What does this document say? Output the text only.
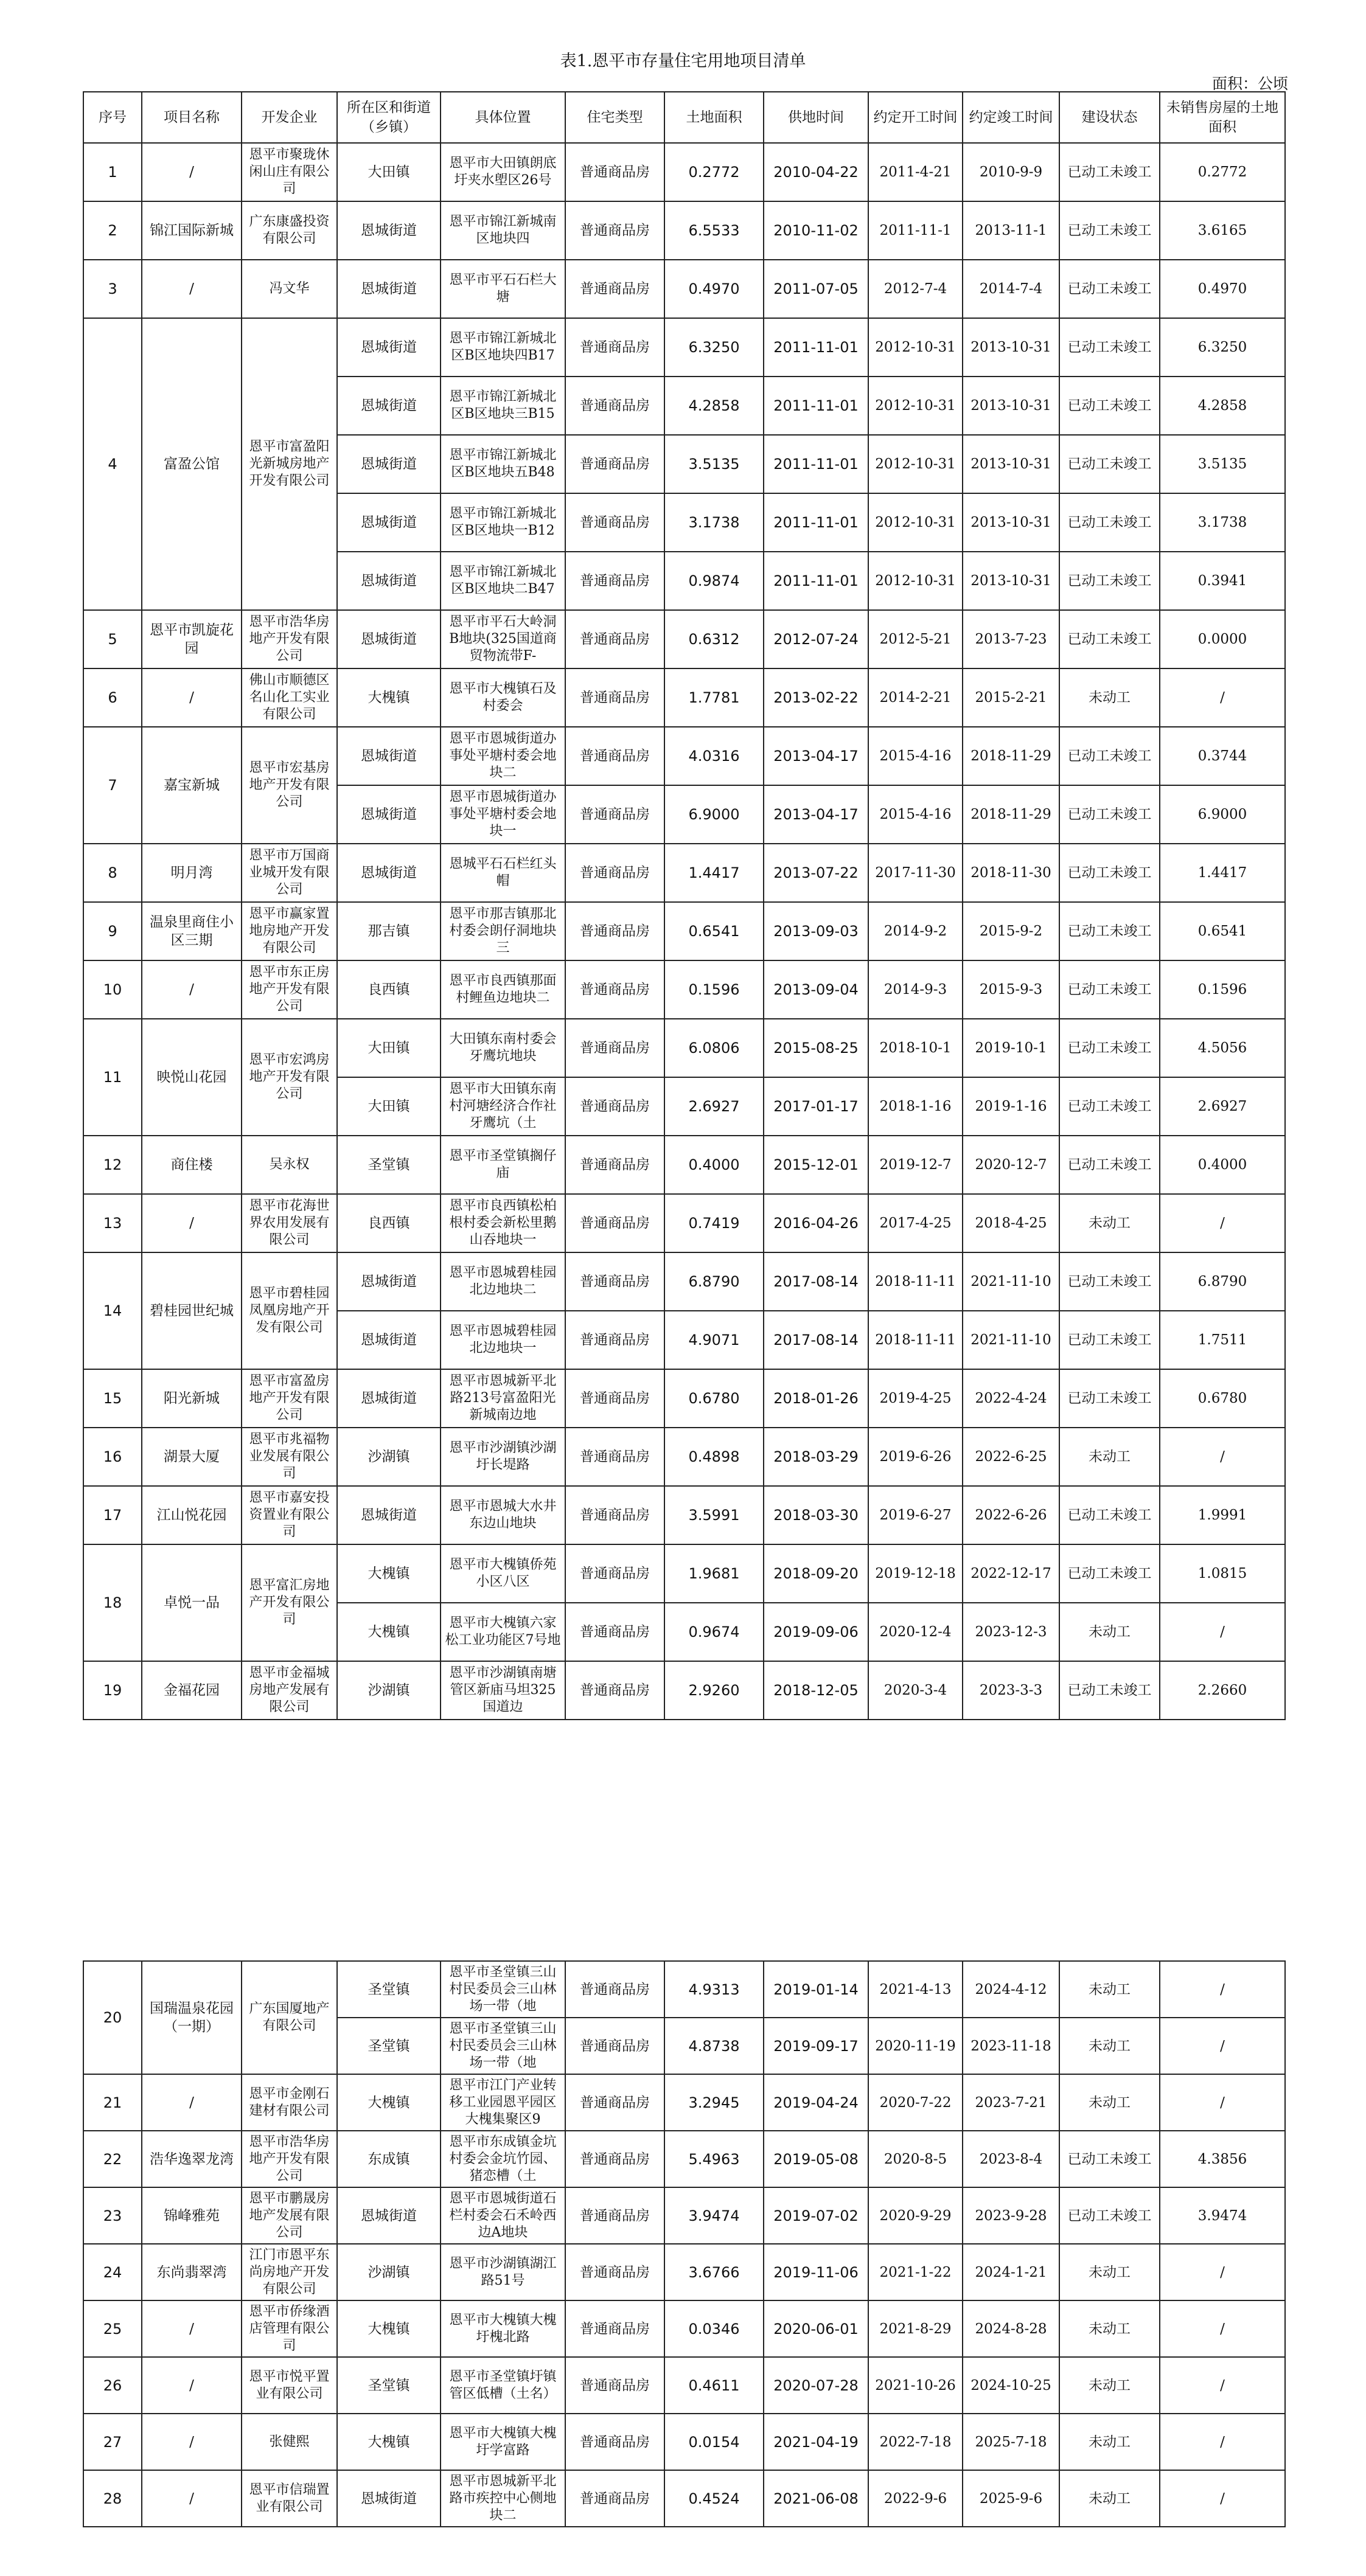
表1.恩平市存量住宅用地项目清单
面积：公顷
序号	项目名称	开发企业	所在区和街道（乡镇）	具体位置	住宅类型	土地面积	供地时间	约定开工时间	约定竣工时间	建设状态	未销售房屋的土地面积
1	/	恩平市聚珑休闲山庄有限公司	大田镇	恩平市大田镇朗底圩夹水塱区26号	普通商品房	0.2772	2010-04-22	2011-4-21	2010-9-9	已动工未竣工	0.2772
2	锦江国际新城	广东康盛投资有限公司	恩城街道	恩平市锦江新城南区地块四	普通商品房	6.5533	2010-11-02	2011-11-1	2013-11-1	已动工未竣工	3.6165
3	/	冯文华	恩城街道	恩平市平石石栏大塘	普通商品房	0.4970	2011-07-05	2012-7-4	2014-7-4	已动工未竣工	0.4970
4	富盈公馆	恩平市富盈阳光新城房地产开发有限公司	恩城街道	恩平市锦江新城北区B区地块四B17	普通商品房	6.3250	2011-11-01	2012-10-31	2013-10-31	已动工未竣工	6.3250
			恩城街道	恩平市锦江新城北区B区地块三B15	普通商品房	4.2858	2011-11-01	2012-10-31	2013-10-31	已动工未竣工	4.2858
			恩城街道	恩平市锦江新城北区B区地块五B48	普通商品房	3.5135	2011-11-01	2012-10-31	2013-10-31	已动工未竣工	3.5135
			恩城街道	恩平市锦江新城北区B区地块一B12	普通商品房	3.1738	2011-11-01	2012-10-31	2013-10-31	已动工未竣工	3.1738
			恩城街道	恩平市锦江新城北区B区地块二B47	普通商品房	0.9874	2011-11-01	2012-10-31	2013-10-31	已动工未竣工	0.3941
5	恩平市凯旋花园	恩平市浩华房地产开发有限公司	恩城街道	恩平市平石大岭洞B地块(325国道商贸物流带F-	普通商品房	0.6312	2012-07-24	2012-5-21	2013-7-23	已动工未竣工	0.0000
6	/	佛山市顺德区名山化工实业有限公司	大槐镇	恩平市大槐镇石及村委会	普通商品房	1.7781	2013-02-22	2014-2-21	2015-2-21	未动工	/
7	嘉宝新城	恩平市宏基房地产开发有限公司	恩城街道	恩平市恩城街道办事处平塘村委会地块二	普通商品房	4.0316	2013-04-17	2015-4-16	2018-11-29	已动工未竣工	0.3744
			恩城街道	恩平市恩城街道办事处平塘村委会地块一	普通商品房	6.9000	2013-04-17	2015-4-16	2018-11-29	已动工未竣工	6.9000
8	明月湾	恩平市万国商业城开发有限公司	恩城街道	恩城平石石栏红头帽	普通商品房	1.4417	2013-07-22	2017-11-30	2018-11-30	已动工未竣工	1.4417
9	温泉里商住小区三期	恩平市赢家置地房地产开发有限公司	那吉镇	恩平市那吉镇那北村委会朗仔洞地块三	普通商品房	0.6541	2013-09-03	2014-9-2	2015-9-2	已动工未竣工	0.6541
10	/	恩平市东正房地产开发有限公司	良西镇	恩平市良西镇那面村鲤鱼边地块二	普通商品房	0.1596	2013-09-04	2014-9-3	2015-9-3	已动工未竣工	0.1596
11	映悦山花园	恩平市宏鸿房地产开发有限公司	大田镇	大田镇东南村委会牙鹰坑地块	普通商品房	6.0806	2015-08-25	2018-10-1	2019-10-1	已动工未竣工	4.5056
			大田镇	恩平市大田镇东南村河塘经济合作社牙鹰坑（土	普通商品房	2.6927	2017-01-17	2018-1-16	2019-1-16	已动工未竣工	2.6927
12	商住楼	吴永权	圣堂镇	恩平市圣堂镇搁仔庙	普通商品房	0.4000	2015-12-01	2019-12-7	2020-12-7	已动工未竣工	0.4000
13	/	恩平市花海世界农用发展有限公司	良西镇	恩平市良西镇松柏根村委会新松里鹅山吞地块一	普通商品房	0.7419	2016-04-26	2017-4-25	2018-4-25	未动工	/
14	碧桂园世纪城	恩平市碧桂园凤凰房地产开发有限公司	恩城街道	恩平市恩城碧桂园北边地块二	普通商品房	6.8790	2017-08-14	2018-11-11	2021-11-10	已动工未竣工	6.8790
			恩城街道	恩平市恩城碧桂园北边地块一	普通商品房	4.9071	2017-08-14	2018-11-11	2021-11-10	已动工未竣工	1.7511
15	阳光新城	恩平市富盈房地产开发有限公司	恩城街道	恩平市恩城新平北路213号富盈阳光新城南边地	普通商品房	0.6780	2018-01-26	2019-4-25	2022-4-24	已动工未竣工	0.6780
16	湖景大厦	恩平市兆福物业发展有限公司	沙湖镇	恩平市沙湖镇沙湖圩长堤路	普通商品房	0.4898	2018-03-29	2019-6-26	2022-6-25	未动工	/
17	江山悦花园	恩平市嘉安投资置业有限公司	恩城街道	恩平市恩城大水井东边山地块	普通商品房	3.5991	2018-03-30	2019-6-27	2022-6-26	已动工未竣工	1.9991
18	卓悦一品	恩平富汇房地产开发有限公司	大槐镇	恩平市大槐镇侨苑小区八区	普通商品房	1.9681	2018-09-20	2019-12-18	2022-12-17	已动工未竣工	1.0815
			大槐镇	恩平市大槐镇六家松工业功能区7号地	普通商品房	0.9674	2019-09-06	2020-12-4	2023-12-3	未动工	/
19	金福花园	恩平市金福城房地产发展有限公司	沙湖镇	恩平市沙湖镇南塘管区新庙马坦325国道边	普通商品房	2.9260	2018-12-05	2020-3-4	2023-3-3	已动工未竣工	2.2660
20	国瑞温泉花园（一期）	广东国厦地产有限公司	圣堂镇	恩平市圣堂镇三山村民委员会三山林场一带（地	普通商品房	4.9313	2019-01-14	2021-4-13	2024-4-12	未动工	/
			圣堂镇	恩平市圣堂镇三山村民委员会三山林场一带（地	普通商品房	4.8738	2019-09-17	2020-11-19	2023-11-18	未动工	/
21	/	恩平市金刚石建材有限公司	大槐镇	恩平市江门产业转移工业园恩平园区大槐集聚区9	普通商品房	3.2945	2019-04-24	2020-7-22	2023-7-21	未动工	/
22	浩华逸翠龙湾	恩平市浩华房地产开发有限公司	东成镇	恩平市东成镇金坑村委会金坑竹园、猪恋槽（土	普通商品房	5.4963	2019-05-08	2020-8-5	2023-8-4	已动工未竣工	4.3856
23	锦峰雅苑	恩平市鹏晟房地产发展有限公司	恩城街道	恩平市恩城街道石栏村委会石禾岭西边A地块	普通商品房	3.9474	2019-07-02	2020-9-29	2023-9-28	已动工未竣工	3.9474
24	东尚翡翠湾	江门市恩平东尚房地产开发有限公司	沙湖镇	恩平市沙湖镇湖江路51号	普通商品房	3.6766	2019-11-06	2021-1-22	2024-1-21	未动工	/
25	/	恩平市侨缘酒店管理有限公司	大槐镇	恩平市大槐镇大槐圩槐北路	普通商品房	0.0346	2020-06-01	2021-8-29	2024-8-28	未动工	/
26	/	恩平市悦平置业有限公司	圣堂镇	恩平市圣堂镇圩镇管区低槽（土名）	普通商品房	0.4611	2020-07-28	2021-10-26	2024-10-25	未动工	/
27	/	张健熙	大槐镇	恩平市大槐镇大槐圩学富路	普通商品房	0.0154	2021-04-19	2022-7-18	2025-7-18	未动工	/
28	/	恩平市信瑞置业有限公司	恩城街道	恩平市恩城新平北路市疾控中心侧地块二	普通商品房	0.4524	2021-06-08	2022-9-6	2025-9-6	未动工	/
